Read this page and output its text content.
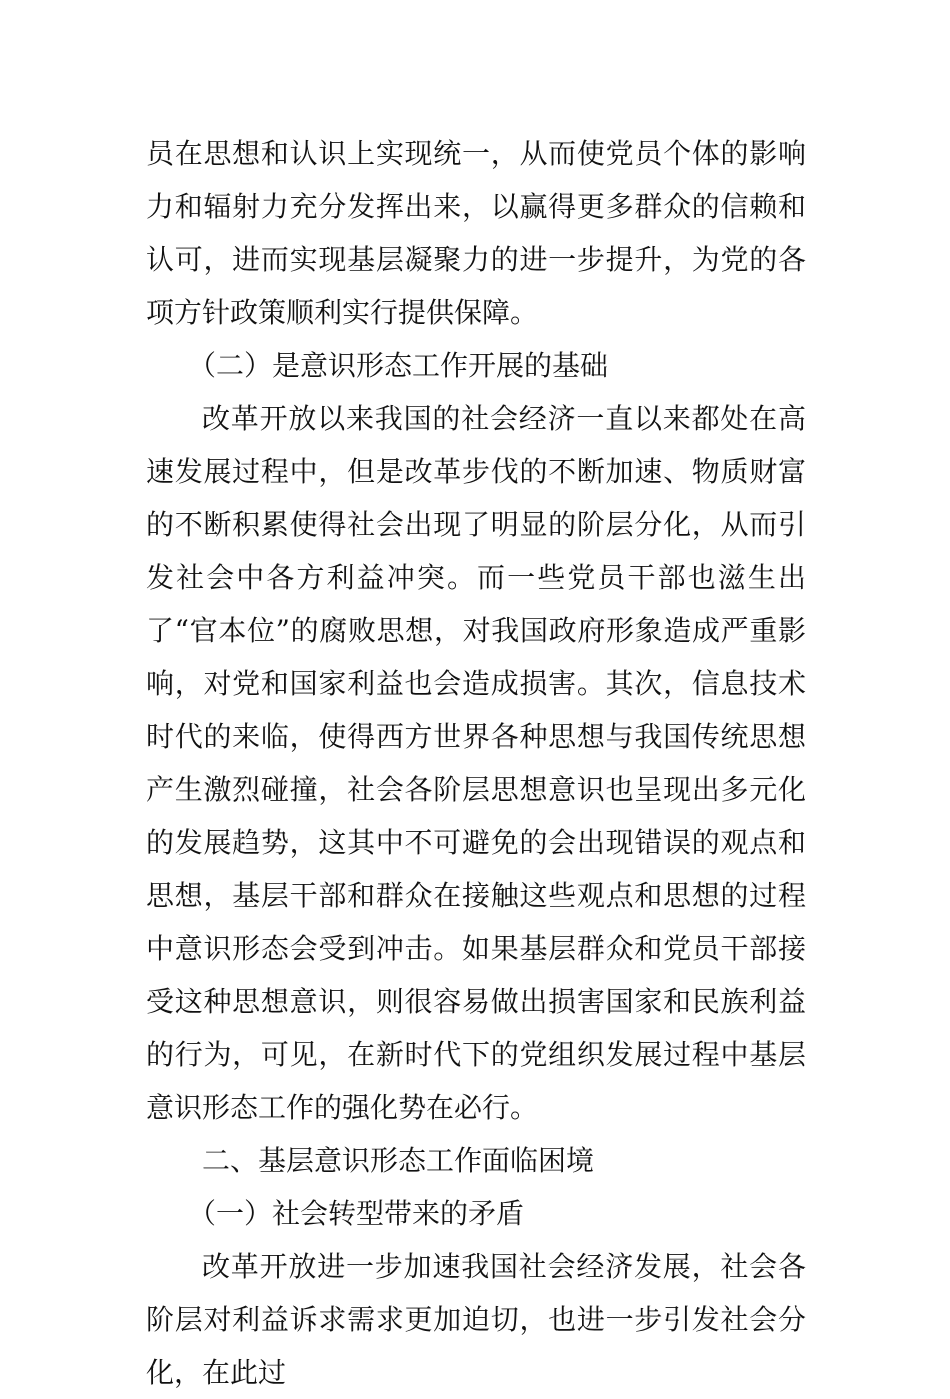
员在思想和认识上实现统一，从而使党员个体的影响力和辐射力充分发挥出来，以赢得更多群众的信赖和认可，进而实现基层凝聚力的进一步提升，为党的各项方针政策顺利实行提供保障。

（二）是意识形态工作开展的基础

改革开放以来我国的社会经济一直以来都处在高速发展过程中，但是改革步伐的不断加速、物质财富的不断积累使得社会出现了明显的阶层分化，从而引发社会中各方利益冲突。而一些党员干部也滋生出了“官本位”的腐败思想，对我国政府形象造成严重影响，对党和国家利益也会造成损害。其次，信息技术时代的来临，使得西方世界各种思想与我国传统思想产生激烈碰撞，社会各阶层思想意识也呈现出多元化的发展趋势，这其中不可避免的会出现错误的观点和思想，基层干部和群众在接触这些观点和思想的过程中意识形态会受到冲击。如果基层群众和党员干部接受这种思想意识，则很容易做出损害国家和民族利益的行为，可见，在新时代下的党组织发展过程中基层意识形态工作的强化势在必行。

二、基层意识形态工作面临困境

（一）社会转型带来的矛盾

改革开放进一步加速我国社会经济发展，社会各阶层对利益诉求需求更加迫切，也进一步引发社会分化，在此过
